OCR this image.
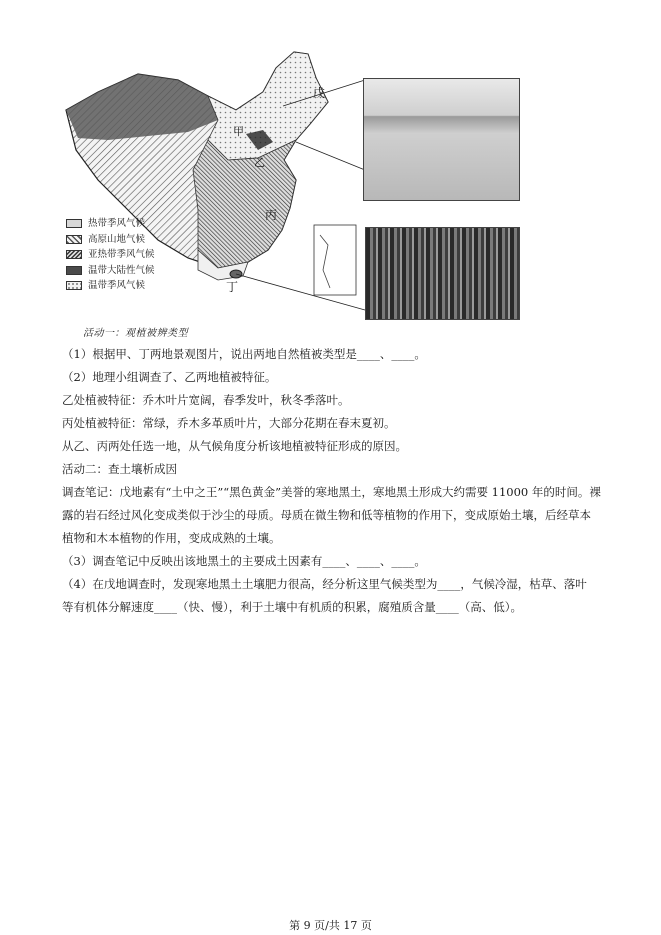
戊
甲
乙
丙
丁
热带季风气候
高原山地气候
亚热带季风气候
温带大陆性气候
温带季风气候
活动一：观植被辨类型
（1）根据甲、丁两地景观图片，说出两地自然植被类型是____、____。
（2）地理小组调查了、乙两地植被特征。
乙处植被特征：乔木叶片宽阔，春季发叶，秋冬季落叶。
丙处植被特征：常绿，乔木多革质叶片，大部分花期在春末夏初。
从乙、丙两处任选一地，从气候角度分析该地植被特征形成的原因。
活动二：查土壤析成因
调查笔记：戊地素有“土中之王”“黑色黄金”美誉的寒地黑土，寒地黑土形成大约需要 11000 年的时间。裸
露的岩石经过风化变成类似于沙尘的母质。母质在微生物和低等植物的作用下，变成原始土壤，后经草本
植物和木本植物的作用，变成成熟的土壤。
（3）调查笔记中反映出该地黑土的主要成土因素有____、____、____。
（4）在戊地调查时，发现寒地黑土土壤肥力很高，经分析这里气候类型为____，气候冷湿，枯草、落叶
等有机体分解速度____（快、慢），利于土壤中有机质的积累，腐殖质含量____（高、低）。
第 9 页/共 17 页
